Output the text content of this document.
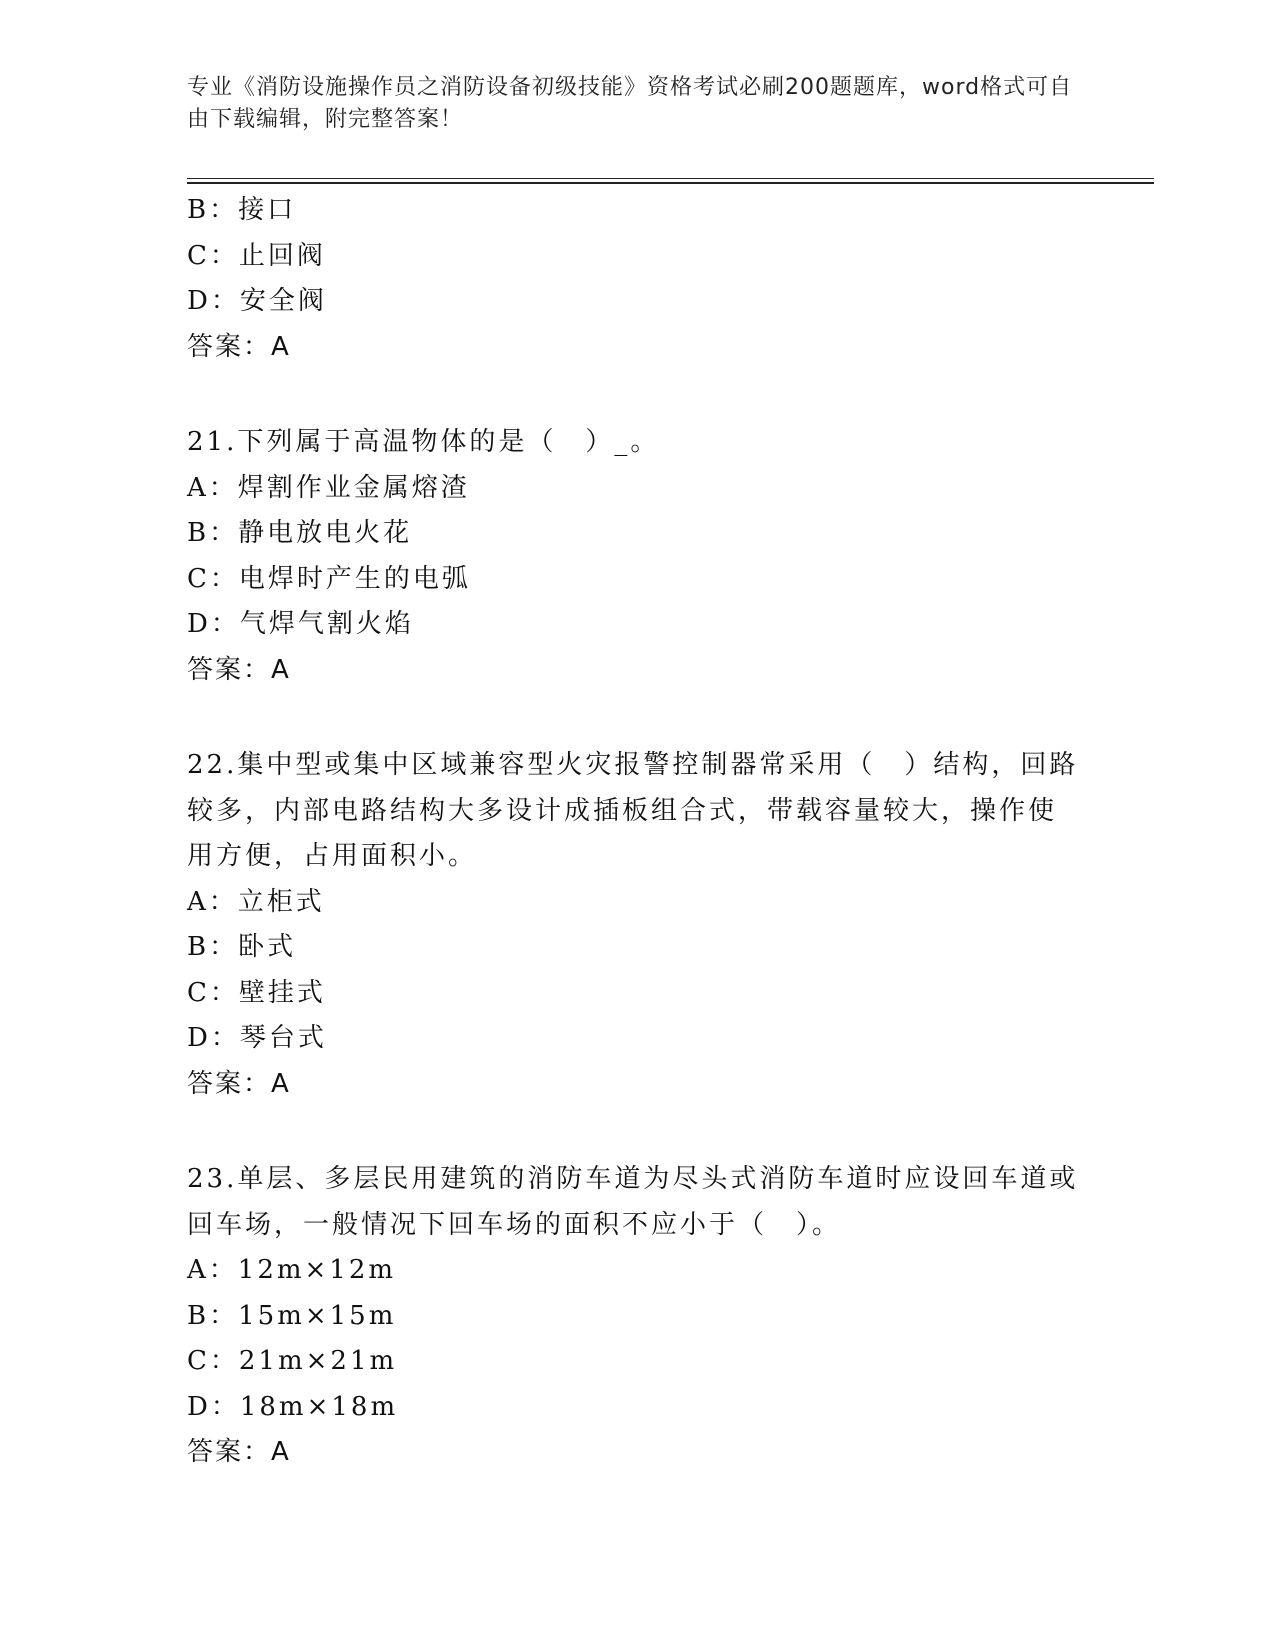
专业《消防设施操作员之消防设备初级技能》资格考试必刷200题题库，word格式可自由下载编辑，附完整答案！
B：接口
C：止回阀
D：安全阀
答案：A
21.下列属于高温物体的是（　）_。
A：焊割作业金属熔渣
B：静电放电火花
C：电焊时产生的电弧
D：气焊气割火焰
答案：A
22.集中型或集中区域兼容型火灾报警控制器常采用（　）结构，回路
较多，内部电路结构大多设计成插板组合式，带载容量较大，操作使
用方便，占用面积小。
A：立柜式
B：卧式
C：壁挂式
D：琴台式
答案：A
23.单层、多层民用建筑的消防车道为尽头式消防车道时应设回车道或
回车场，一般情况下回车场的面积不应小于（　）。
A：12m×12m
B：15m×15m
C：21m×21m
D：18m×18m
答案：A
